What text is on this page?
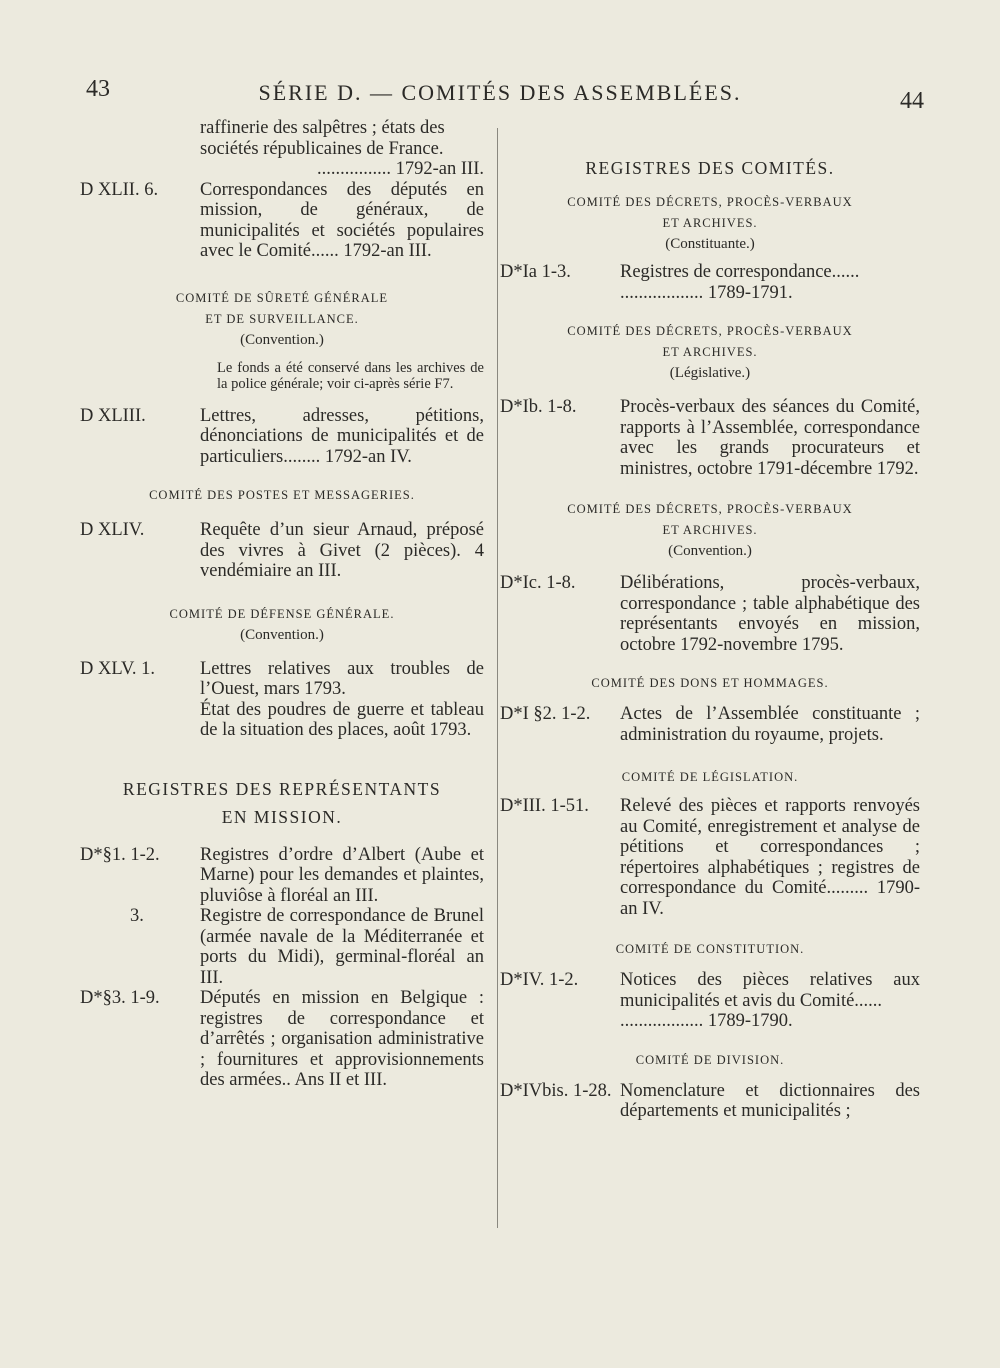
43	SÉRIE D. — COMITÉS DES ASSEMBLÉES.	44
raffinerie des salpêtres ; états des
sociétés républicaines de France.
................ 1792-an III.
D XLII. 6.	Correspondances des députés en mission, de généraux, de municipalités et sociétés populaires avec le Comité...... 1792-an III.
COMITÉ DE SÛRETÉ GÉNÉRALE
ET DE SURVEILLANCE.
(Convention.)
Le fonds a été conservé dans les archives de la police générale; voir ci-après série F7.
D XLIII.	Lettres, adresses, pétitions, dénonciations de municipalités et de particuliers........ 1792-an IV.
COMITÉ DES POSTES ET MESSAGERIES.
D XLIV.	Requête d’un sieur Arnaud, préposé des vivres à Givet (2 pièces). 4 vendémiaire an III.
COMITÉ DE DÉFENSE GÉNÉRALE.
(Convention.)
D XLV. 1.	Lettres relatives aux troubles de l’Ouest, mars 1793.
État des poudres de guerre et tableau de la situation des places, août 1793.
REGISTRES DES REPRÉSENTANTS
EN MISSION.
D*§1. 1-2.	Registres d’ordre d’Albert (Aube et Marne) pour les demandes et plaintes, pluviôse à floréal an III.
3.	Registre de correspondance de Brunel (armée navale de la Méditerranée et ports du Midi), germinal-floréal an III.
D*§3. 1-9.	Députés en mission en Belgique : registres de correspondance et d’arrêtés ; organisation administrative ; fournitures et approvisionnements des armées.. Ans II et III.
REGISTRES DES COMITÉS.
COMITÉ DES DÉCRETS, PROCÈS-VERBAUX
ET ARCHIVES.
(Constituante.)
D*Ia 1-3.	Registres de correspondance......
.................. 1789-1791.
COMITÉ DES DÉCRETS, PROCÈS-VERBAUX
ET ARCHIVES.
(Législative.)
D*Ib. 1-8.	Procès-verbaux des séances du Comité, rapports à l’Assemblée, correspondance avec les grands procurateurs et ministres, octobre 1791-décembre 1792.
COMITÉ DES DÉCRETS, PROCÈS-VERBAUX
ET ARCHIVES.
(Convention.)
D*Ic. 1-8.	Délibérations, procès-verbaux, correspondance ; table alphabétique des représentants envoyés en mission, octobre 1792-novembre 1795.
COMITÉ DES DONS ET HOMMAGES.
D*I §2. 1-2.	Actes de l’Assemblée constituante ; administration du royaume, projets.
COMITÉ DE LÉGISLATION.
D*III. 1-51.	Relevé des pièces et rapports renvoyés au Comité, enregistrement et analyse de pétitions et correspondances ; répertoires alphabétiques ; registres de correspondance du Comité......... 1790-an IV.
COMITÉ DE CONSTITUTION.
D*IV. 1-2.	Notices des pièces relatives aux municipalités et avis du Comité......
.................. 1789-1790.
COMITÉ DE DIVISION.
D*IVbis. 1-28. Nomenclature et dictionnaires des départements et municipalités ;
